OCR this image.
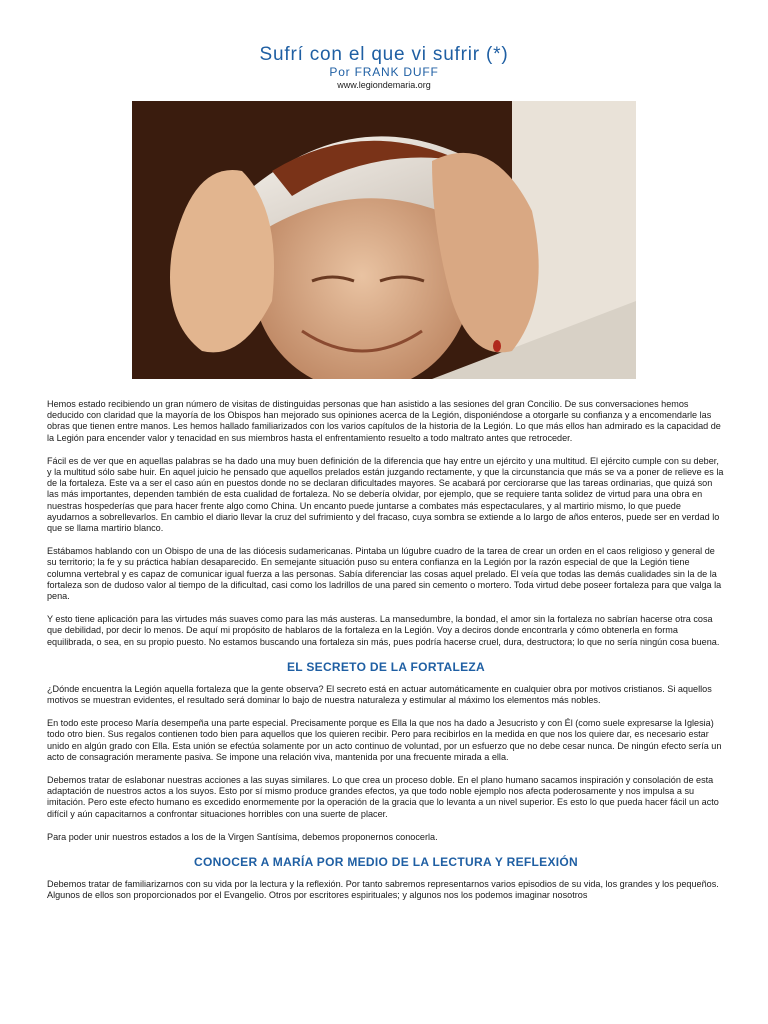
Sufrí con el que vi sufrir (*)
Por FRANK DUFF
www.legiondemaria.org

Hemos estado recibiendo un gran número de visitas de distinguidas personas que han asistido a las sesiones del gran Concilio. De sus conversaciones hemos deducido con claridad que la mayoría de los Obispos han mejorado sus opiniones acerca de la Legión, disponiéndose a otorgarle su confianza y a encomendarle las obras que tienen entre manos. Les hemos hallado familiarizados con los varios capítulos de la historia de la Legión. Lo que más ellos han admirado es la capacidad de la Legión para encender valor y tenacidad en sus miembros hasta el enfrentamiento resuelto a todo maltrato antes que retroceder.

Fácil es de ver que en aquellas palabras se ha dado una muy buen definición de la diferencia que hay entre un ejército y una multitud. El ejército cumple con su deber, y la multitud sólo sabe huir. En aquel juicio he pensado que aquellos prelados están juzgando rectamente, y que la circunstancia que más se va a poner de relieve es la de la fortaleza. Este va a ser el caso aún en puestos donde no se declaran dificultades mayores. Se acabará por cerciorarse que las tareas ordinarias, que quizá son las más importantes, dependen también de esta cualidad de fortaleza. No se debería olvidar, por ejemplo, que se requiere tanta solidez de virtud para una obra en nuestras hospederías que para hacer frente algo como China. Un encanto puede juntarse a combates más espectaculares, y al martirio mismo, lo que puede ayudarnos a sobrellevarlos. En cambio el diario llevar la cruz del sufrimiento y del fracaso, cuya sombra se extiende a lo largo de años enteros, puede ser en verdad lo que se llama martirio blanco.

Estábamos hablando con un Obispo de una de las diócesis sudamericanas. Pintaba un lúgubre cuadro de la tarea de crear un orden en el caos religioso y general de su territorio; la fe y su práctica habían desaparecido. En semejante situación puso su entera confianza en la Legión por la razón especial de que la Legión tiene columna vertebral y es capaz de comunicar igual fuerza a las personas. Sabía diferenciar las cosas aquel prelado. El veía que todas las demás cualidades sin la de la fortaleza son de dudoso valor al tiempo de la dificultad, casi como los ladrillos de una pared sin cemento o mortero. Toda virtud debe poseer fortaleza para que valga la pena.

Y esto tiene aplicación para las virtudes más suaves como para las más austeras. La mansedumbre, la bondad, el amor sin la fortaleza no sabrían hacerse otra cosa que debilidad, por decir lo menos. De aquí mi propósito de hablaros de la fortaleza en la Legión. Voy a deciros donde encontrarla y cómo obtenerla en forma equilibrada, o sea, en su propio puesto. No estamos buscando una fortaleza sin más, pues podría hacerse cruel, dura, destructora; lo que no sería ningún cosa buena.

EL SECRETO DE LA FORTALEZA

¿Dónde encuentra la Legión aquella fortaleza que la gente observa? El secreto está en actuar automáticamente en cualquier obra por motivos cristianos. Si aquellos motivos se muestran evidentes, el resultado será dominar lo bajo de nuestra naturaleza y estimular al máximo los elementos más nobles.

En todo este proceso María desempeña una parte especial. Precisamente porque es Ella la que nos ha dado a Jesucristo y con Él (como suele expresarse la Iglesia) todo otro bien. Sus regalos contienen todo bien para aquellos que los quieren recibir. Pero para recibirlos en la medida en que nos los quiere dar, es necesario estar unido en algún grado con Ella. Esta unión se efectúa solamente por un acto continuo de voluntad, por un esfuerzo que no debe cesar nunca. De ningún efecto sería un acto de consagración meramente pasiva. Se impone una relación viva, mantenida por una frecuente mirada a ella.

Debemos tratar de eslabonar nuestras acciones a las suyas similares. Lo que crea un proceso doble. En el plano humano sacamos inspiración y consolación de esta adaptación de nuestros actos a los suyos. Esto por sí mismo produce grandes efectos, ya que todo noble ejemplo nos afecta poderosamente y nos impulsa a su imitación. Pero este efecto humano es excedido enormemente por la operación de la gracia que lo levanta a un nivel superior. Es esto lo que pueda hacer fácil un acto difícil y aún capacitarnos a confrontar situaciones horribles con una suerte de placer.

Para poder unir nuestros estados a los de la Virgen Santísima, debemos proponernos conocerla.

CONOCER A MARÍA POR MEDIO DE LA LECTURA Y REFLEXIÓN

Debemos tratar de familiarizarnos con su vida por la lectura y la reflexión. Por tanto sabremos representarnos varios episodios de su vida, los grandes y los pequeños. Algunos de ellos son proporcionados por el Evangelio. Otros por escritores espirituales; y algunos nos los podemos imaginar nosotros
